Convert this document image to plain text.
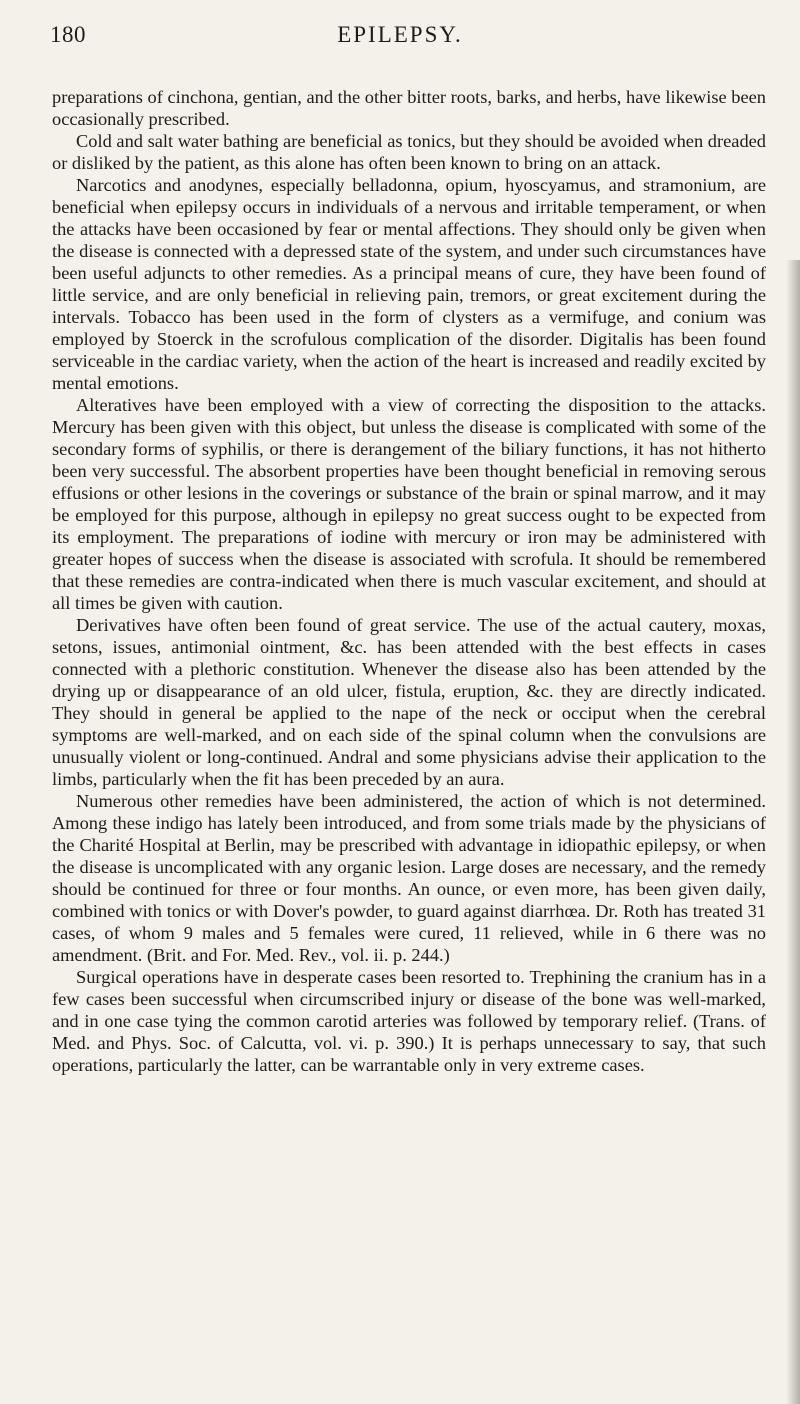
180	EPILEPSY.

preparations of cinchona, gentian, and the other bitter roots, barks, and herbs, have likewise been occasionally prescribed.

Cold and salt water bathing are beneficial as tonics, but they should be avoided when dreaded or disliked by the patient, as this alone has often been known to bring on an attack.

Narcotics and anodynes, especially belladonna, opium, hyoscyamus, and stramonium, are beneficial when epilepsy occurs in individuals of a nervous and irritable temperament, or when the attacks have been occasioned by fear or mental affections. They should only be given when the disease is connected with a depressed state of the system, and under such circumstances have been useful adjuncts to other remedies. As a principal means of cure, they have been found of little service, and are only beneficial in relieving pain, tremors, or great excitement during the intervals. Tobacco has been used in the form of clysters as a vermifuge, and conium was employed by Stoerck in the scrofulous complication of the disorder. Digitalis has been found serviceable in the cardiac variety, when the action of the heart is increased and readily excited by mental emotions.

Alteratives have been employed with a view of correcting the disposition to the attacks. Mercury has been given with this object, but unless the disease is complicated with some of the secondary forms of syphilis, or there is derangement of the biliary functions, it has not hitherto been very successful. The absorbent properties have been thought beneficial in removing serous effusions or other lesions in the coverings or substance of the brain or spinal marrow, and it may be employed for this purpose, although in epilepsy no great success ought to be expected from its employment. The preparations of iodine with mercury or iron may be administered with greater hopes of success when the disease is associated with scrofula. It should be remembered that these remedies are contra-indicated when there is much vascular excitement, and should at all times be given with caution.

Derivatives have often been found of great service. The use of the actual cautery, moxas, setons, issues, antimonial ointment, &c. has been attended with the best effects in cases connected with a plethoric constitution. Whenever the disease also has been attended by the drying up or disappearance of an old ulcer, fistula, eruption, &c. they are directly indicated. They should in general be applied to the nape of the neck or occiput when the cerebral symptoms are well-marked, and on each side of the spinal column when the convulsions are unusually violent or long-continued. Andral and some physicians advise their application to the limbs, particularly when the fit has been preceded by an aura.

Numerous other remedies have been administered, the action of which is not determined. Among these indigo has lately been introduced, and from some trials made by the physicians of the Charité Hospital at Berlin, may be prescribed with advantage in idiopathic epilepsy, or when the disease is uncomplicated with any organic lesion. Large doses are necessary, and the remedy should be continued for three or four months. An ounce, or even more, has been given daily, combined with tonics or with Dover's powder, to guard against diarrhœa. Dr. Roth has treated 31 cases, of whom 9 males and 5 females were cured, 11 relieved, while in 6 there was no amendment. (Brit. and For. Med. Rev., vol. ii. p. 244.)

Surgical operations have in desperate cases been resorted to. Trephining the cranium has in a few cases been successful when circumscribed injury or disease of the bone was well-marked, and in one case tying the common carotid arteries was followed by temporary relief. (Trans. of Med. and Phys. Soc. of Calcutta, vol. vi. p. 390.) It is perhaps unnecessary to say, that such operations, particularly the latter, can be warrantable only in very extreme cases.
